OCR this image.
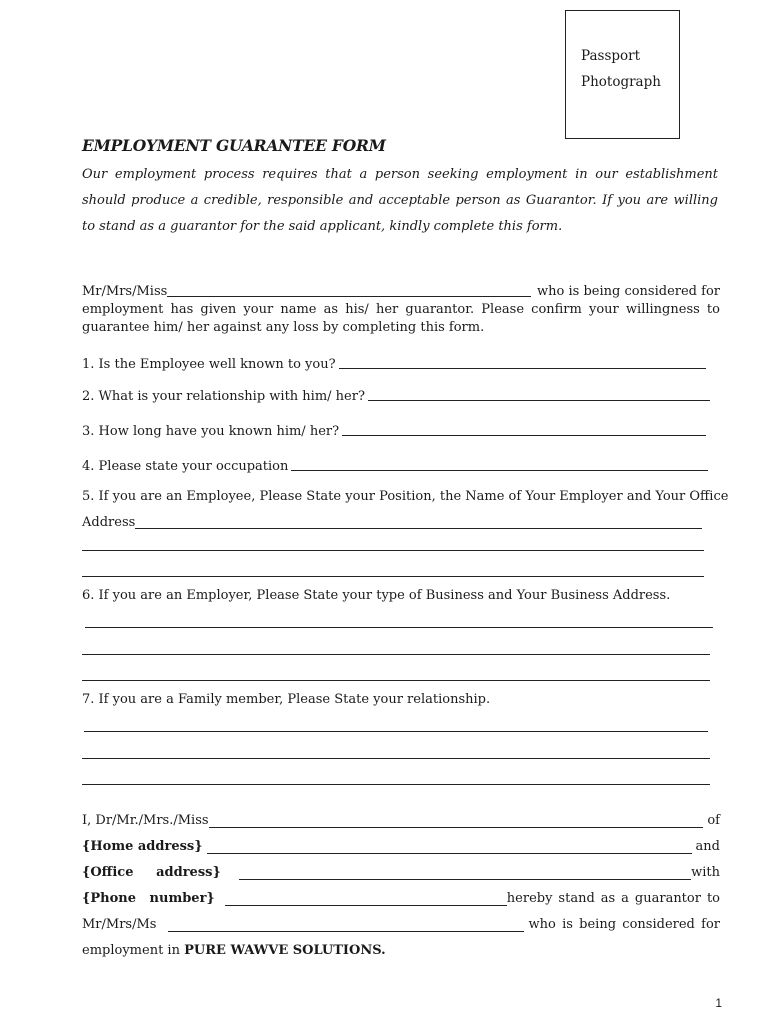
Passport
Photograph
EMPLOYMENT GUARANTEE FORM
Our employment process requires that a person seeking employment in our establishment should produce a credible, responsible and acceptable person as Guarantor. If you are willing to stand as a guarantor for the said applicant, kindly complete this form.
Mr/Mrs/Miss	who is being considered for
employment has given your name as his/ her guarantor. Please confirm your willingness to guarantee him/ her against any loss by completing this form.
1. Is the Employee well known to you?
2. What is your relationship with him/ her?
3. How long have you known him/ her?
4. Please state your occupation
5. If you are an Employee, Please State your Position, the Name of Your Employer and Your Office
Address
6. If you are an Employer, Please State your type of Business and Your Business Address.
7. If you are a Family member, Please State your relationship.
I, Dr/Mr./Mrs./Miss	of
{Home address}	and
{Office     address}	with
{Phone   number}	hereby stand as a guarantor to
Mr/Mrs/Ms	who is being considered for
employment in
PURE WAWVE SOLUTIONS.
1
